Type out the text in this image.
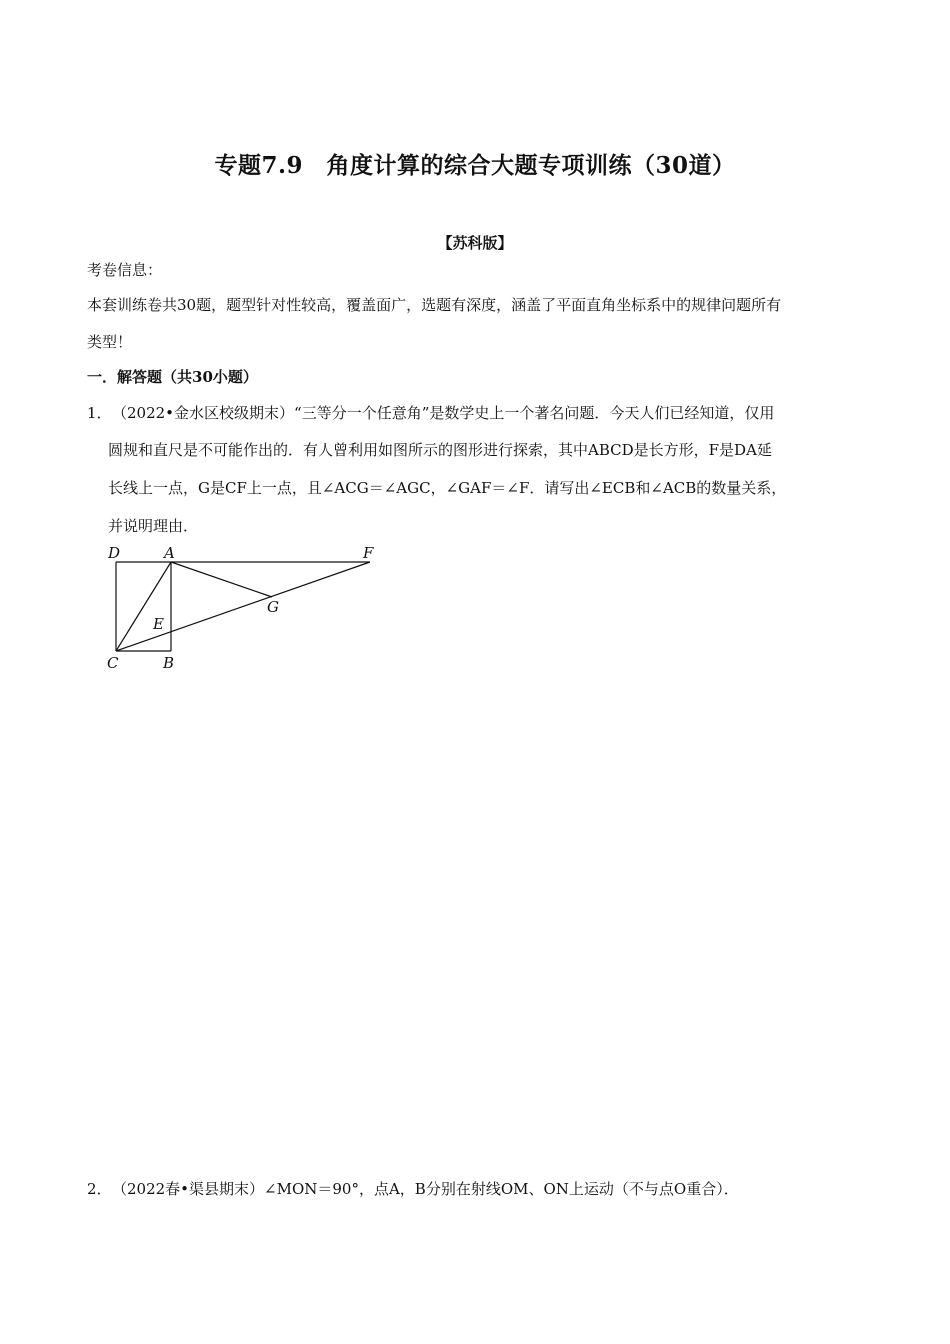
专题7.9　角度计算的综合大题专项训练（30道）
【苏科版】
考卷信息：
本套训练卷共30题，题型针对性较高，覆盖面广，选题有深度，涵盖了平面直角坐标系中的规律问题所有
类型！
一．解答题（共30小题）
1． （2022•金水区校级期末）“三等分一个任意角”是数学史上一个著名问题．今天人们已经知道，仅用
圆规和直尺是不可能作出的．有人曾利用如图所示的图形进行探索，其中ABCD是长方形，F是DA延
长线上一点，G是CF上一点，且∠ACG＝∠AGC，∠GAF＝∠F．请写出∠ECB和∠ACB的数量关系，
并说明理由．
D	A	F
G
E
C	B
2． （2022春•渠县期末）∠MON＝90°，点A，B分别在射线OM、ON上运动（不与点O重合）．
